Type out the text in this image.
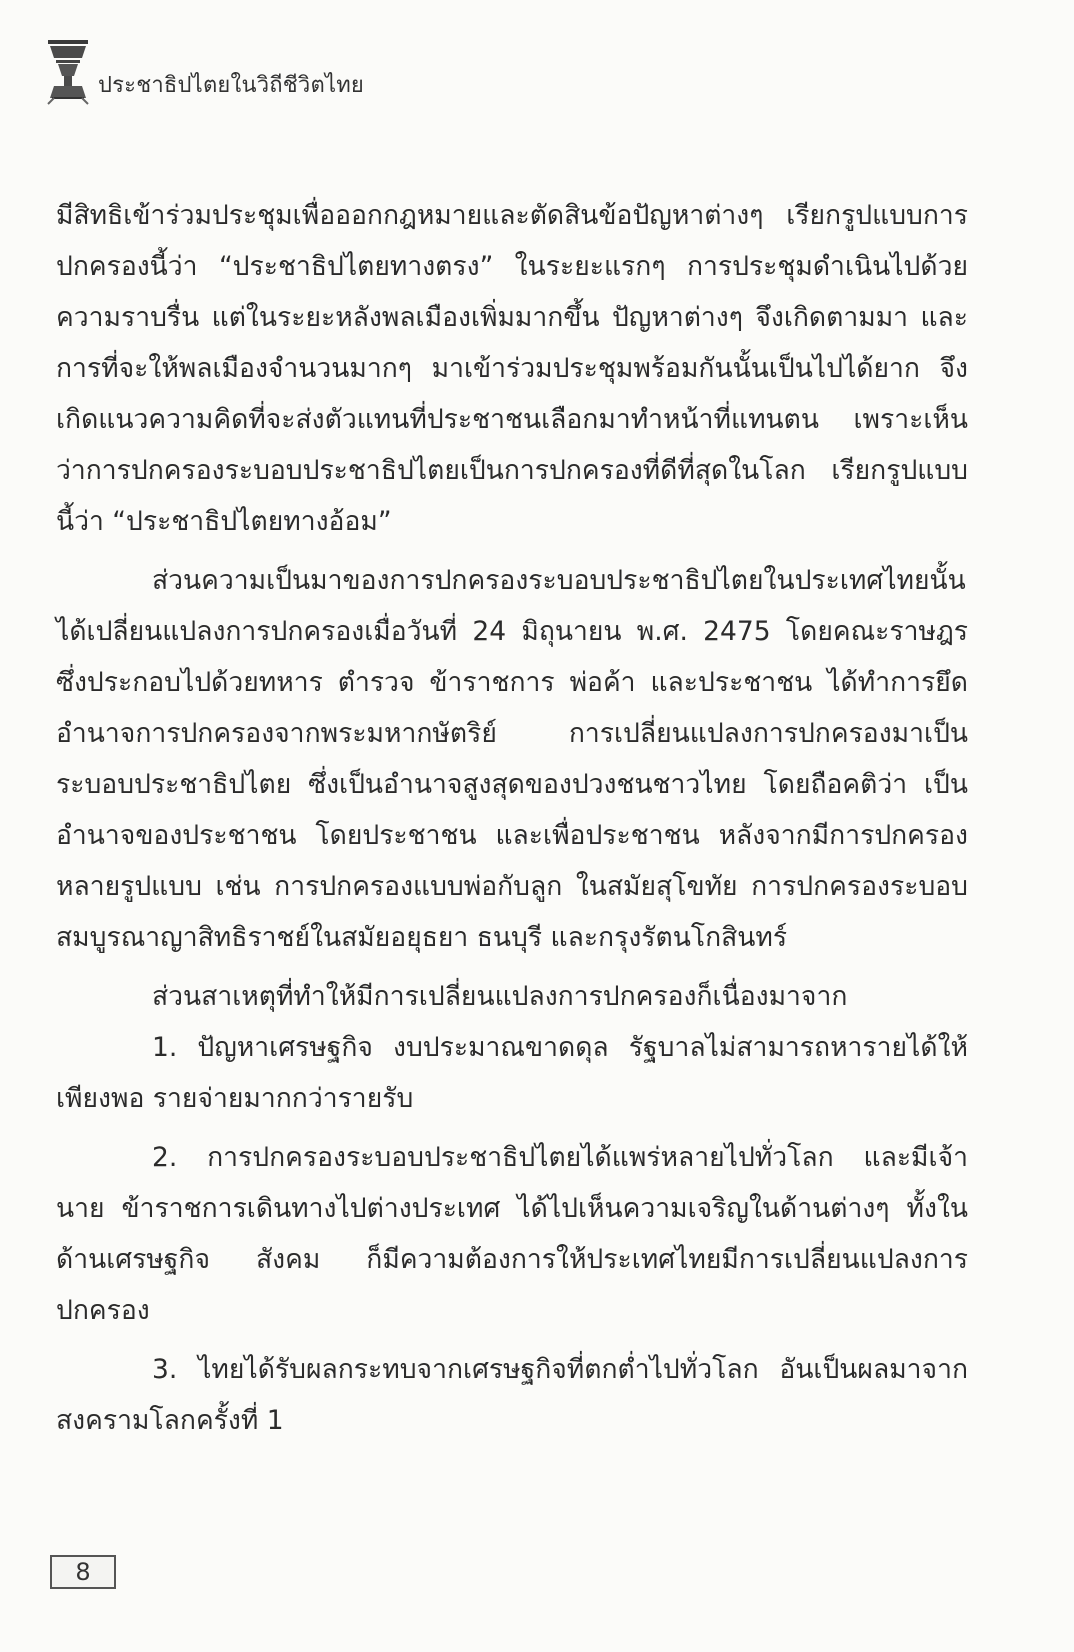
ประชาธิปไตยในวิถีชีวิตไทย

มีสิทธิเข้าร่วมประชุมเพื่อออกกฎหมายและตัดสินข้อปัญหาต่างๆ เรียกรูปแบบการปกครองนี้ว่า “ประชาธิปไตยทางตรง” ในระยะแรกๆ การประชุมดำเนินไปด้วยความราบรื่น แต่ในระยะหลังพลเมืองเพิ่มมากขึ้น ปัญหาต่างๆ จึงเกิดตามมา และการที่จะให้พลเมืองจำนวนมากๆ มาเข้าร่วมประชุมพร้อมกันนั้นเป็นไปได้ยาก จึงเกิดแนวความคิดที่จะส่งตัวแทนที่ประชาชนเลือกมาทำหน้าที่แทนตน เพราะเห็นว่าการปกครองระบอบประชาธิปไตยเป็นการปกครองที่ดีที่สุดในโลก เรียกรูปแบบนี้ว่า “ประชาธิปไตยทางอ้อม”

ส่วนความเป็นมาของการปกครองระบอบประชาธิปไตยในประเทศไทยนั้น ได้เปลี่ยนแปลงการปกครองเมื่อวันที่ 24 มิถุนายน พ.ศ. 2475 โดยคณะราษฎร ซึ่งประกอบไปด้วยทหาร ตำรวจ ข้าราชการ พ่อค้า และประชาชน ได้ทำการยึดอำนาจการปกครองจากพระมหากษัตริย์ การเปลี่ยนแปลงการปกครองมาเป็นระบอบประชาธิปไตย ซึ่งเป็นอำนาจสูงสุดของปวงชนชาวไทย โดยถือคติว่า เป็นอำนาจของประชาชน โดยประชาชน และเพื่อประชาชน หลังจากมีการปกครองหลายรูปแบบ เช่น การปกครองแบบพ่อกับลูก ในสมัยสุโขทัย การปกครองระบอบสมบูรณาญาสิทธิราชย์ในสมัยอยุธยา ธนบุรี และกรุงรัตนโกสินทร์

ส่วนสาเหตุที่ทำให้มีการเปลี่ยนแปลงการปกครองก็เนื่องมาจาก

1. ปัญหาเศรษฐกิจ งบประมาณขาดดุล รัฐบาลไม่สามารถหารายได้ให้เพียงพอ รายจ่ายมากกว่ารายรับ

2. การปกครองระบอบประชาธิปไตยได้แพร่หลายไปทั่วโลก และมีเจ้านาย ข้าราชการเดินทางไปต่างประเทศ ได้ไปเห็นความเจริญในด้านต่างๆ ทั้งในด้านเศรษฐกิจ สังคม ก็มีความต้องการให้ประเทศไทยมีการเปลี่ยนแปลงการปกครอง

3. ไทยได้รับผลกระทบจากเศรษฐกิจที่ตกต่ำไปทั่วโลก อันเป็นผลมาจากสงครามโลกครั้งที่ 1

8
